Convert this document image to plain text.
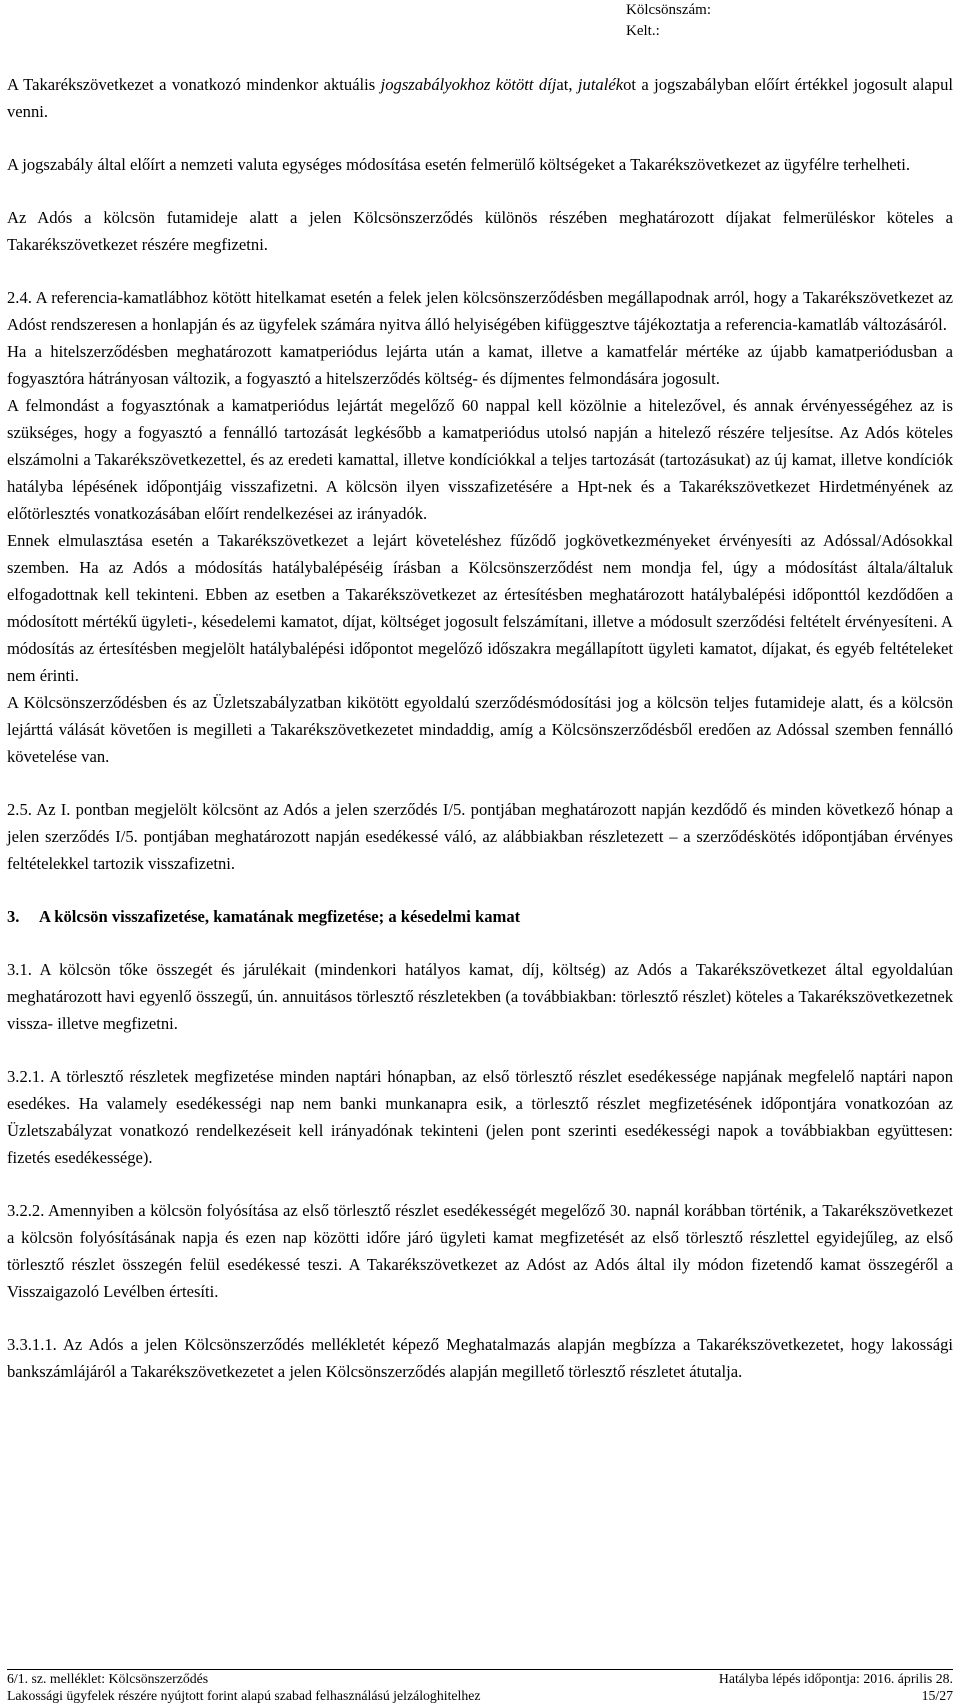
Kölcsönszám:
Kelt.:

A Takarékszövetkezet a vonatkozó mindenkor aktuális jogszabályokhoz kötött díjat, jutalékot a jogszabályban előírt értékkel jogosult alapul venni.

A jogszabály által előírt a nemzeti valuta egységes módosítása esetén felmerülő költségeket a Takarékszövetkezet az ügyfélre terhelheti.

Az Adós a kölcsön futamideje alatt a jelen Kölcsönszerződés különös részében meghatározott díjakat felmerüléskor köteles a Takarékszövetkezet részére megfizetni.

2.4. A referencia-kamatlábhoz kötött hitelkamat esetén a felek jelen kölcsönszerződésben megállapodnak arról, hogy a Takarékszövetkezet az Adóst rendszeresen a honlapján és az ügyfelek számára nyitva álló helyiségében kifüggesztve tájékoztatja a referencia-kamatláb változásáról.

Ha a hitelszerződésben meghatározott kamatperiódus lejárta után a kamat, illetve a kamatfelár mértéke az újabb kamatperiódusban a fogyasztóra hátrányosan változik, a fogyasztó a hitelszerződés költség- és díjmentes felmondására jogosult.

A felmondást a fogyasztónak a kamatperiódus lejártát megelőző 60 nappal kell közölnie a hitelezővel, és annak érvényességéhez az is szükséges, hogy a fogyasztó a fennálló tartozását legkésőbb a kamatperiódus utolsó napján a hitelező részére teljesítse. Az Adós köteles elszámolni a Takarékszövetkezettel, és az eredeti kamattal, illetve kondíciókkal a teljes tartozását (tartozásukat) az új kamat, illetve kondíciók hatályba lépésének időpontjáig visszafizetni. A kölcsön ilyen visszafizetésére a Hpt-nek és a Takarékszövetkezet Hirdetményének az előtörlesztés vonatkozásában előírt rendelkezései az irányadók.

Ennek elmulasztása esetén a Takarékszövetkezet a lejárt követeléshez fűződő jogkövetkezményeket érvényesíti az Adóssal/Adósokkal szemben. Ha az Adós a módosítás hatálybalépéséig írásban a Kölcsönszerződést nem mondja fel, úgy a módosítást általa/általuk elfogadottnak kell tekinteni. Ebben az esetben a Takarékszövetkezet az értesítésben meghatározott hatálybalépési időponttól kezdődően a módosított mértékű ügyleti-, késedelemi kamatot, díjat, költséget jogosult felszámítani, illetve a módosult szerződési feltételt érvényesíteni. A módosítás az értesítésben megjelölt hatálybalépési időpontot megelőző időszakra megállapított ügyleti kamatot, díjakat, és egyéb feltételeket nem érinti.

A Kölcsönszerződésben és az Üzletszabályzatban kikötött egyoldalú szerződésmódosítási jog a kölcsön teljes futamideje alatt, és a kölcsön lejárttá válását követően is megilleti a Takarékszövetkezetet mindaddig, amíg a Kölcsönszerződésből eredően az Adóssal szemben fennálló követelése van.

2.5. Az I. pontban megjelölt kölcsönt az Adós a jelen szerződés I/5. pontjában meghatározott napján kezdődő és minden következő hónap a jelen szerződés I/5. pontjában meghatározott napján esedékessé váló, az alábbiakban részletezett – a szerződéskötés időpontjában érvényes feltételekkel tartozik visszafizetni.

3. A kölcsön visszafizetése, kamatának megfizetése; a késedelmi kamat

3.1. A kölcsön tőke összegét és járulékait (mindenkori hatályos kamat, díj, költség) az Adós a Takarékszövetkezet által egyoldalúan meghatározott havi egyenlő összegű, ún. annuitásos törlesztő részletekben (a továbbiakban: törlesztő részlet) köteles a Takarékszövetkezetnek vissza- illetve megfizetni.

3.2.1. A törlesztő részletek megfizetése minden naptári hónapban, az első törlesztő részlet esedékessége napjának megfelelő naptári napon esedékes. Ha valamely esedékességi nap nem banki munkanapra esik, a törlesztő részlet megfizetésének időpontjára vonatkozóan az Üzletszabályzat vonatkozó rendelkezéseit kell irányadónak tekinteni (jelen pont szerinti esedékességi napok a továbbiakban együttesen: fizetés esedékessége).

3.2.2. Amennyiben a kölcsön folyósítása az első törlesztő részlet esedékességét megelőző 30. napnál korábban történik, a Takarékszövetkezet a kölcsön folyósításának napja és ezen nap közötti időre járó ügyleti kamat megfizetését az első törlesztő részlettel egyidejűleg, az első törlesztő részlet összegén felül esedékessé teszi. A Takarékszövetkezet az Adóst az Adós által ily módon fizetendő kamat összegéről a Visszaigazoló Levélben értesíti.

3.3.1.1. Az Adós a jelen Kölcsönszerződés mellékletét képező Meghatalmazás alapján megbízza a Takarékszövetkezetet, hogy lakossági bankszámlájáról a Takarékszövetkezetet a jelen Kölcsönszerződés alapján megillető törlesztő részletet átutalja.

6/1. sz. melléklet: Kölcsönszerződés	Hatályba lépés időpontja: 2016. április 28.
Lakossági ügyfelek részére nyújtott forint alapú szabad felhasználású jelzáloghitelhez	15/27
